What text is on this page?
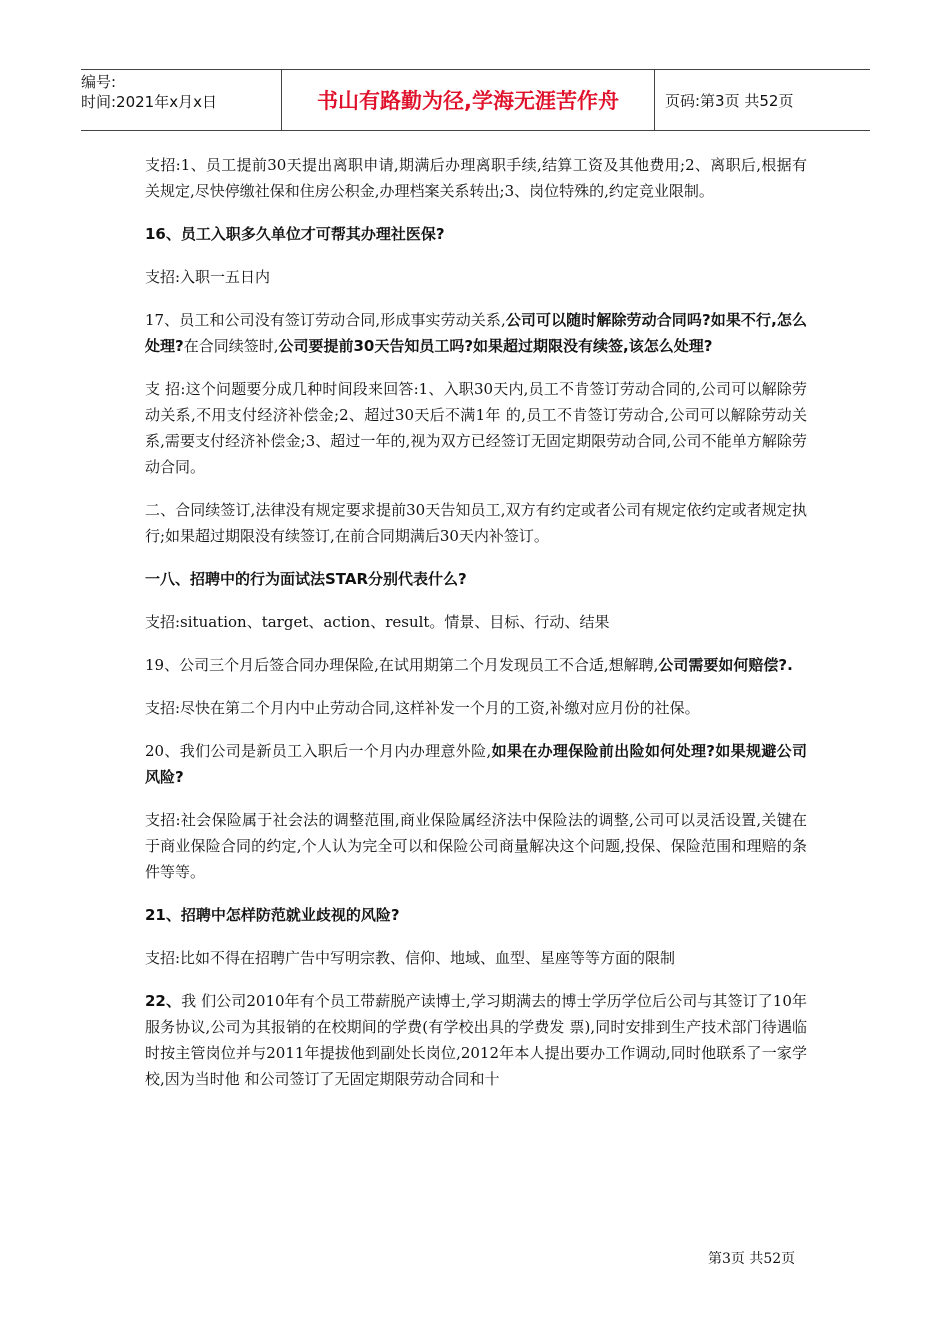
编号:
时间:2021年x月x日	书山有路勤为径,学海无涯苦作舟	页码:第3页 共52页

支招:1、员工提前30天提出离职申请,期满后办理离职手续,结算工资及其他费用;2、离职后,根据有关规定,尽快停缴社保和住房公积金,办理档案关系转出;3、岗位特殊的,约定竞业限制。

16、员工入职多久单位才可帮其办理社医保?

支招:入职一五日内

17、员工和公司没有签订劳动合同,形成事实劳动关系,公司可以随时解除劳动合同吗?如果不行,怎么处理?在合同续签时,公司要提前30天告知员工吗?如果超过期限没有续签,该怎么处理?

支 招:这个问题要分成几种时间段来回答:1、入职30天内,员工不肯签订劳动合同的,公司可以解除劳动关系,不用支付经济补偿金;2、超过30天后不满1年 的,员工不肯签订劳动合,公司可以解除劳动关系,需要支付经济补偿金;3、超过一年的,视为双方已经签订无固定期限劳动合同,公司不能单方解除劳动合同。

二、合同续签订,法律没有规定要求提前30天告知员工,双方有约定或者公司有规定依约定或者规定执行;如果超过期限没有续签订,在前合同期满后30天内补签订。

一八、招聘中的行为面试法STAR分别代表什么?

支招:situation、target、action、result。情景、目标、行动、结果

19、公司三个月后签合同办理保险,在试用期第二个月发现员工不合适,想解聘,公司需要如何赔偿?.

支招:尽快在第二个月内中止劳动合同,这样补发一个月的工资,补缴对应月份的社保。

20、我们公司是新员工入职后一个月内办理意外险,如果在办理保险前出险如何处理?如果规避公司风险?

支招:社会保险属于社会法的调整范围,商业保险属经济法中保险法的调整,公司可以灵活设置,关键在于商业保险合同的约定,个人认为完全可以和保险公司商量解决这个问题,投保、保险范围和理赔的条件等等。

21、招聘中怎样防范就业歧视的风险?

支招:比如不得在招聘广告中写明宗教、信仰、地域、血型、星座等等方面的限制

22、我 们公司2010年有个员工带薪脱产读博士,学习期满去的博士学历学位后公司与其签订了10年服务协议,公司为其报销的在校期间的学费(有学校出具的学费发 票),同时安排到生产技术部门待遇临时按主管岗位并与2011年提拔他到副处长岗位,2012年本人提出要办工作调动,同时他联系了一家学校,因为当时他 和公司签订了无固定期限劳动合同和十

第3页 共52页
